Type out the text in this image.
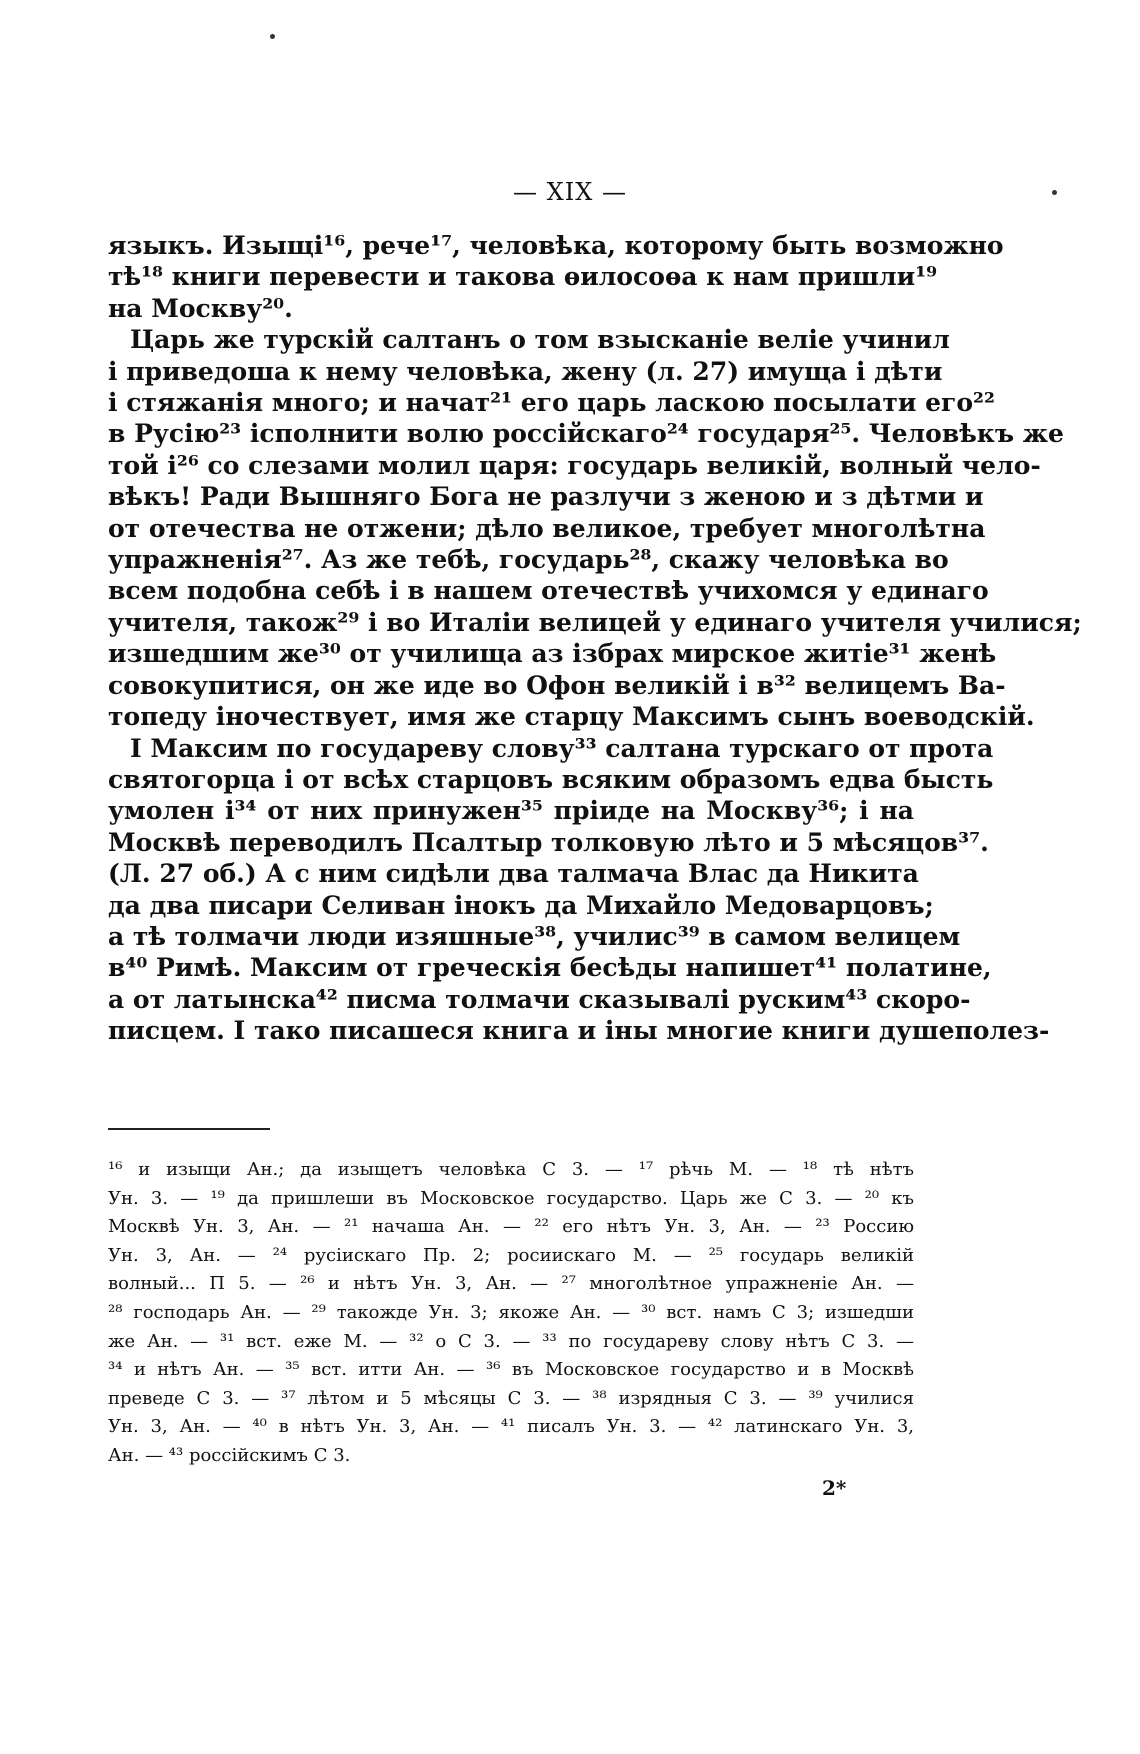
— XIX —
языкъ. Изыщі¹⁶, рече¹⁷, человѣка, которому быть возможно
тѣ¹⁸ книги перевести и такова ѳилосоѳа к нам пришли¹⁹
на Москву²⁰.
Царь же турскій салтанъ о том взысканіе веліе учинил
і приведоша к нему человѣка, жену (л. 27) имуща і дѣти
і стяжанія много; и начат²¹ его царь лаcкою посылати его²²
в Русію²³ ісполнити волю россійскаго²⁴ государя²⁵. Человѣкъ же
той і²⁶ со слезами молил царя: государь великій, волный чело-
вѣкъ! Ради Вышняго Бога не разлучи з женою и з дѣтми и
от отечества не отжени; дѣло великое, требует многолѣтна
упражненія²⁷. Аз же тебѣ, государь²⁸, скажу человѣка во
всем подобна себѣ і в нашем отечествѣ учихомся у единаго
учителя, також²⁹ і во Италіи велицей у единаго учителя училися;
изшедшим же³⁰ от училища аз ізбрах мирское житіе³¹ женѣ
совокупитися, он же иде во Офон великій і в³² велицемъ Ва-
топеду іночествует, имя же старцу Максимъ сынъ воеводскій.
І Максим по государеву слову³³ салтана турскаго от прота
святогорца і от всѣх старцовъ всяким образомъ едва бысть
умолен і³⁴ от них принужен³⁵ пріиде на Москву³⁶; і на
Москвѣ переводилъ Псалтыр толковую лѣто и 5 мѣсяцов³⁷.
(Л. 27 об.) А с ним сидѣли два талмача Влас да Никита
да два писари Селиван інокъ да Михайло Медоварцовъ;
а тѣ толмачи люди изяшные³⁸, училис³⁹ в самом велицем
в⁴⁰ Римѣ. Максим от греческія бесѣды напишет⁴¹ полатине,
а от латынска⁴² писма толмачи сказывалі руским⁴³ скоро-
писцем. І тако писашеся книга и іны многие книги душеполез-
¹⁶ и изыщи Ан.; да изыщетъ человѣка С 3. — ¹⁷ рѣчь М. — ¹⁸ тѣ нѣтъ
Ун. 3. — ¹⁹ да пришлеши въ Московское государство. Царь же С 3. — ²⁰ къ
Москвѣ Ун. 3, Ан. — ²¹ начаша Ан. — ²² его нѣтъ Ун. 3, Ан. — ²³ Россию
Ун. 3, Ан. — ²⁴ русіискаго Пр. 2; росиискаго М. — ²⁵ государь великій
волный... П 5. — ²⁶ и нѣтъ Ун. 3, Ан. — ²⁷ многолѣтное упражненіе Ан. —
²⁸ господарь Ан. — ²⁹ такожде Ун. 3; якоже Ан. — ³⁰ вст. намъ С 3; изшедши
же Ан. — ³¹ вст. еже М. — ³² о С 3. — ³³ по государеву слову нѣтъ С 3. —
³⁴ и нѣтъ Ан. — ³⁵ вст. итти Ан. — ³⁶ въ Московское государство и в Москвѣ
преведе С 3. — ³⁷ лѣтом и 5 мѣсяцы С 3. — ³⁸ изрядныя С 3. — ³⁹ училися
Ун. 3, Ан. — ⁴⁰ в нѣтъ Ун. 3, Ан. — ⁴¹ писалъ Ун. 3. — ⁴² латинскаго Ун. 3,
Ан. — ⁴³ россійскимъ С 3.
2*
